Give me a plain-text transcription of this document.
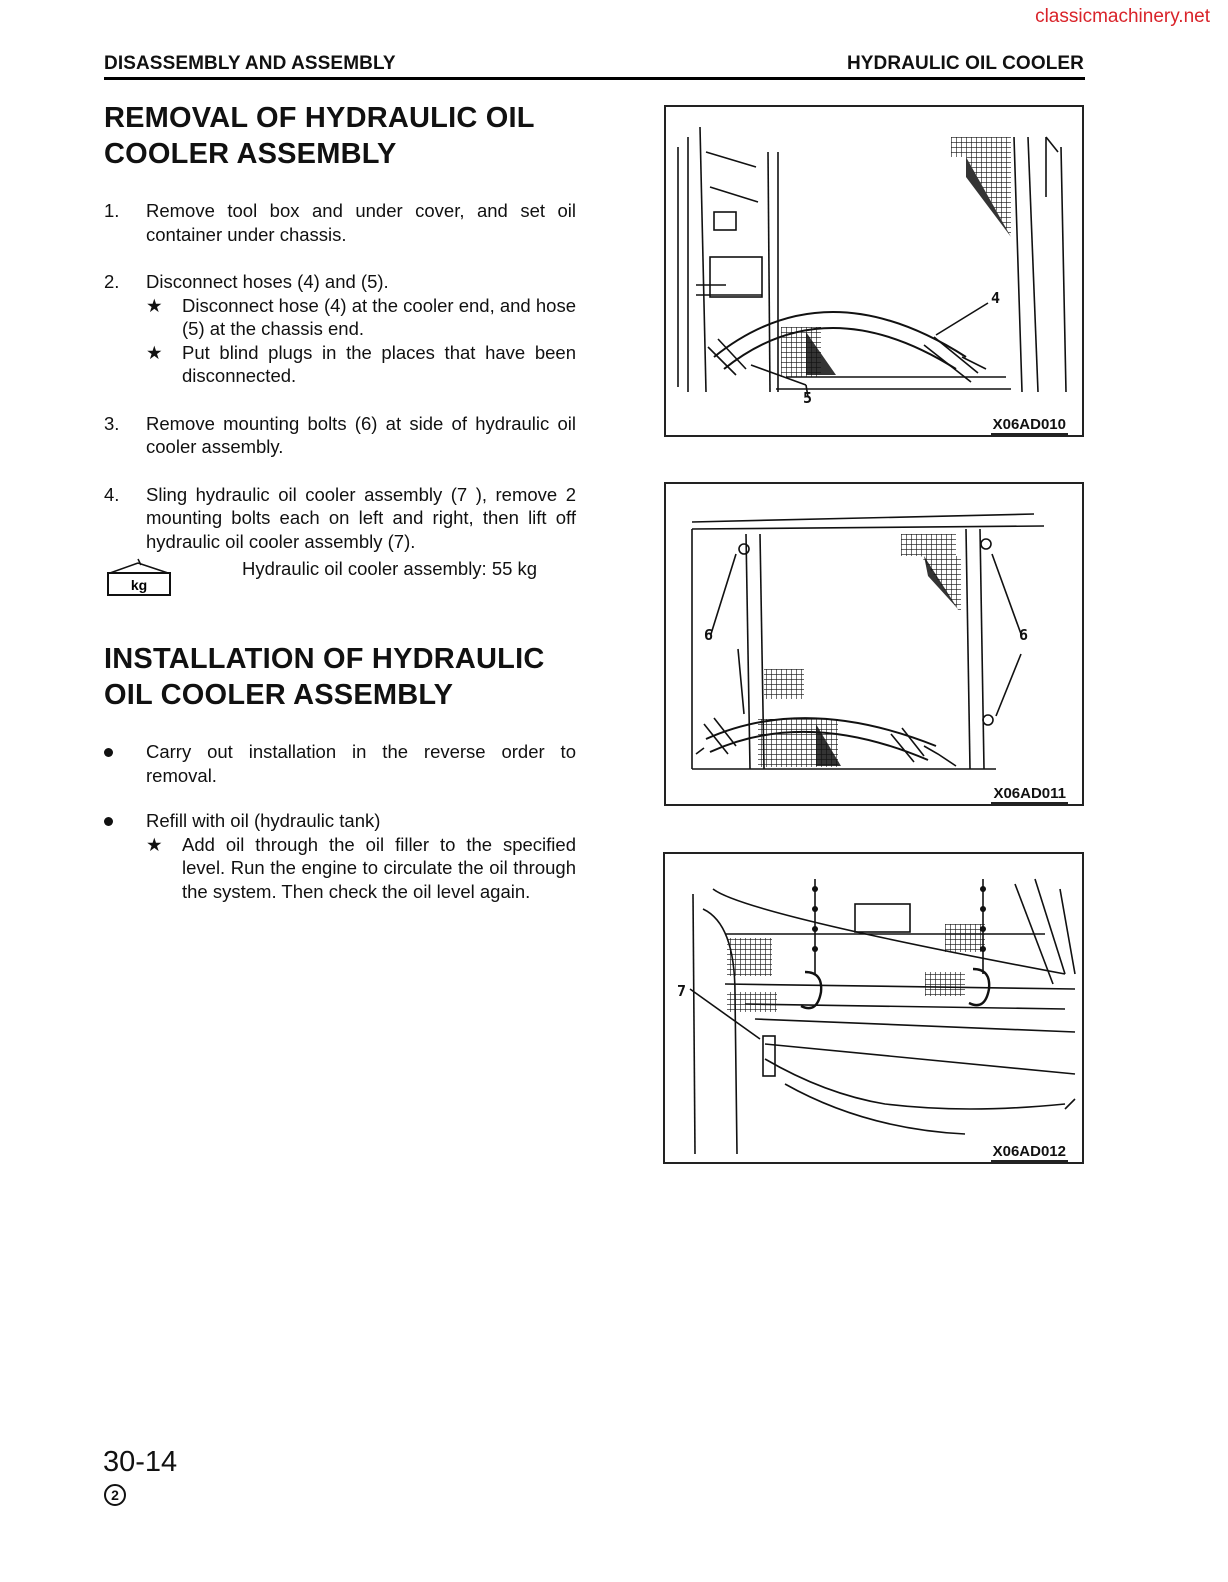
classicmachinery.net
DISASSEMBLY AND ASSEMBLY	HYDRAULIC OIL COOLER
REMOVAL OF HYDRAULIC OIL
COOLER ASSEMBLY
1. Remove tool box and under cover, and set oil container under chassis.
2. Disconnect hoses (4) and (5).
★ Disconnect hose (4) at the cooler end, and hose (5) at the chassis end.
★ Put blind plugs in the places that have been disconnected.
3. Remove mounting bolts (6) at side of hydraulic oil cooler assembly.
4. Sling hydraulic oil cooler assembly (7 ), remove 2 mounting bolts each on left and right, then lift off hydraulic oil cooler assembly (7).
kg
Hydraulic oil cooler assembly: 55 kg
INSTALLATION OF HYDRAULIC
OIL COOLER ASSEMBLY
Carry out installation in the reverse order to removal.
Refill with oil (hydraulic tank)
★ Add oil through the oil filler to the specified level. Run the engine to circulate the oil through the system. Then check the oil level again.
4
5
X06AD010
6	6
X06AD011
7
X06AD012
30-14
2
